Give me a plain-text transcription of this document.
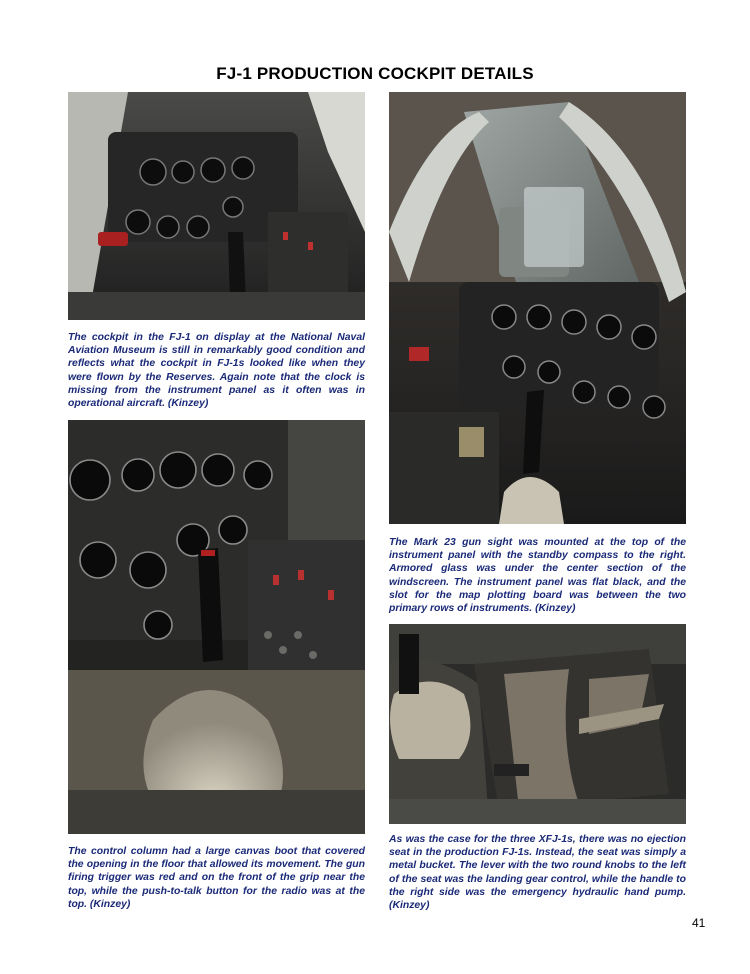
FJ-1 PRODUCTION COCKPIT DETAILS

The cockpit in the FJ-1 on display at the National Naval Aviation Museum is still in remarkably good condition and reflects what the cockpit in FJ-1s looked like when they were flown by the Reserves. Again note that the clock is missing from the instrument panel as it often was in operational aircraft. (Kinzey)

The Mark 23 gun sight was mounted at the top of the instrument panel with the standby compass to the right. Armored glass was under the center section of the windscreen. The instrument panel was flat black, and the slot for the map plotting board was between the two primary rows of instruments. (Kinzey)

The control column had a large canvas boot that covered the opening in the floor that allowed its movement. The gun firing trigger was red and on the front of the grip near the top, while the push-to-talk button for the radio was at the top. (Kinzey)

As was the case for the three XFJ-1s, there was no ejection seat in the production FJ-1s. Instead, the seat was simply a metal bucket. The lever with the two round knobs to the left of the seat was the landing gear control, while the handle to the right side was the emergency hydraulic hand pump. (Kinzey)

41
